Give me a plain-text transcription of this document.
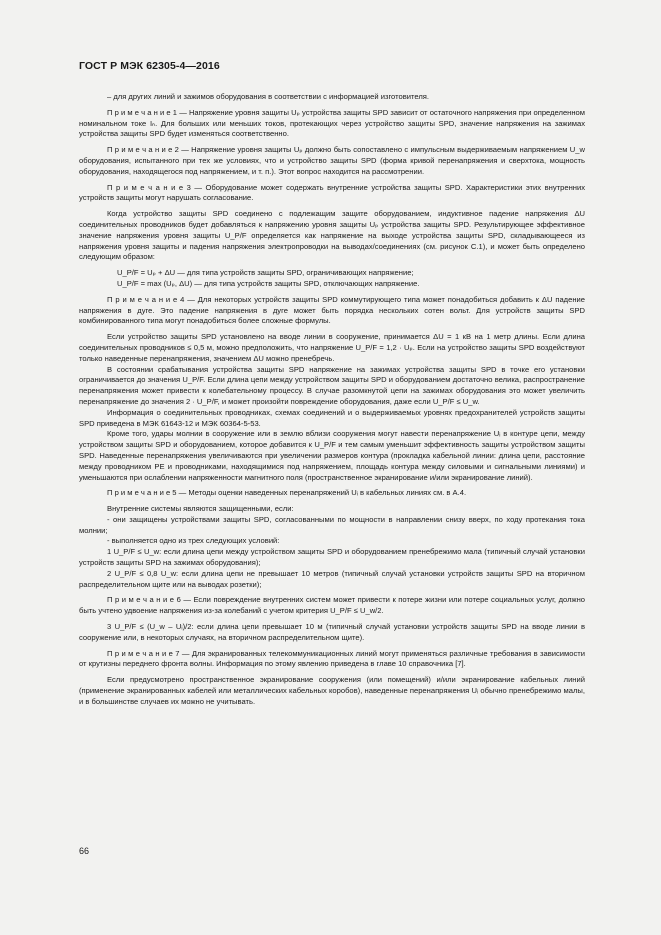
ГОСТ Р МЭК 62305-4—2016

– для других линий и зажимов оборудования в соответствии с информацией изготовителя.

П р и м е ч а н и е 1 — Напряжение уровня защиты Uₚ устройства защиты SPD зависит от остаточного напряжения при определенном номинальном токе Iₙ. Для больших или меньших токов, протекающих через устройство защиты SPD, значение напряжения на зажимах устройства защиты SPD будет изменяться соответственно.

П р и м е ч а н и е 2 — Напряжение уровня защиты Uₚ должно быть сопоставлено с импульсным выдерживаемым напряжением U_w оборудования, испытанного при тех же условиях, что и устройство защиты SPD (форма кривой перенапряжения и сверхтока, мощность оборудования, находящегося под напряжением, и т. п.). Этот вопрос находится на рассмотрении.

П р и м е ч а н и е 3 — Оборудование может содержать внутренние устройства защиты SPD. Характеристики этих внутренних устройств защиты могут нарушать согласование.

Когда устройство защиты SPD соединено с подлежащим защите оборудованием, индуктивное падение напряжения ΔU соединительных проводников будет добавляться к напряжению уровня защиты Uₚ устройства защиты SPD. Результирующее эффективное значение напряжения уровня защиты U_P/F определяется как напряжение на выходе устройства защиты SPD, складывающееся из напряжения уровня защиты и падения напряжения электропроводки на выводах/соединениях (см. рисунок С.1), и может быть определено следующим образом:

U_P/F = Uₚ + ΔU — для типа устройств защиты SPD, ограничивающих напряжение;

U_P/F = max (Uₚ, ΔU) — для типа устройств защиты SPD, отключающих напряжение.

П р и м е ч а н и е 4 — Для некоторых устройств защиты SPD коммутирующего типа может понадобиться добавить к ΔU падение напряжения в дуге. Это падение напряжения в дуге может быть порядка нескольких сотен вольт. Для устройств защиты SPD комбинированного типа могут понадобиться более сложные формулы.

Если устройство защиты SPD установлено на вводе линии в сооружение, принимается ΔU = 1 кВ на 1 метр длины. Если длина соединительных проводников ≤ 0,5 м, можно предположить, что напряжение U_P/F = 1,2 · Uₚ. Если на устройство защиты SPD воздействуют только наведенные перенапряжения, значением ΔU можно пренебречь.

В состоянии срабатывания устройства защиты SPD напряжение на зажимах устройства защиты SPD в точке его установки ограничивается до значения U_P/F. Если длина цепи между устройством защиты SPD и оборудованием достаточно велика, распространение перенапряжения может привести к колебательному процессу. В случае разомкнутой цепи на зажимах оборудования это может увеличить перенапряжение до значения 2 · U_P/F, и может произойти повреждение оборудования, даже если U_P/F ≤ U_w.

Информация о соединительных проводниках, схемах соединений и о выдерживаемых уровнях предохранителей устройств защиты SPD приведена в МЭК 61643-12 и МЭК 60364-5-53.

Кроме того, удары молнии в сооружение или в землю вблизи сооружения могут навести перенапряжение Uᵢ в контуре цепи, между устройством защиты SPD и оборудованием, которое добавится к U_P/F и тем самым уменьшит эффективность защиты устройством защиты SPD. Наведенные перенапряжения увеличиваются при увеличении размеров контура (прокладка кабельной линии: длина цепи, расстояние между проводником PE и проводниками, находящимися под напряжением, площадь контура между силовыми и сигнальными линиями) и уменьшаются при ослаблении напряженности магнитного поля (пространственное экранирование и/или экранирование линий).

П р и м е ч а н и е 5 — Методы оценки наведенных перенапряжений Uᵢ в кабельных линиях см. в А.4.

Внутренние системы являются защищенными, если:

- они защищены устройствами защиты SPD, согласованными по мощности в направлении снизу вверх, по ходу протекания тока молнии;

- выполняется одно из трех следующих условий:

1 U_P/F ≤ U_w: если длина цепи между устройством защиты SPD и оборудованием пренебрежимо мала (типичный случай установки устройств защиты SPD на зажимах оборудования);

2 U_P/F ≤ 0,8 U_w: если длина цепи не превышает 10 метров (типичный случай установки устройств защиты SPD на вторичном распределительном щите или на выводах розетки);

П р и м е ч а н и е 6 — Если повреждение внутренних систем может привести к потере жизни или потере социальных услуг, должно быть учтено удвоение напряжения из-за колебаний с учетом критерия U_P/F ≤ U_w/2.

3 U_P/F ≤ (U_w – Uᵢ)/2: если длина цепи превышает 10 м (типичный случай установки устройств защиты SPD на вводе линии в сооружение или, в некоторых случаях, на вторичном распределительном щите).

П р и м е ч а н и е 7 — Для экранированных телекоммуникационных линий могут применяться различные требования в зависимости от крутизны переднего фронта волны. Информация по этому явлению приведена в главе 10 справочника [7].

Если предусмотрено пространственное экранирование сооружения (или помещений) и/или экранирование кабельных линий (применение экранированных кабелей или металлических кабельных коробов), наведенные перенапряжения Uᵢ обычно пренебрежимо малы, и в большинстве случаев их можно не учитывать.

66
